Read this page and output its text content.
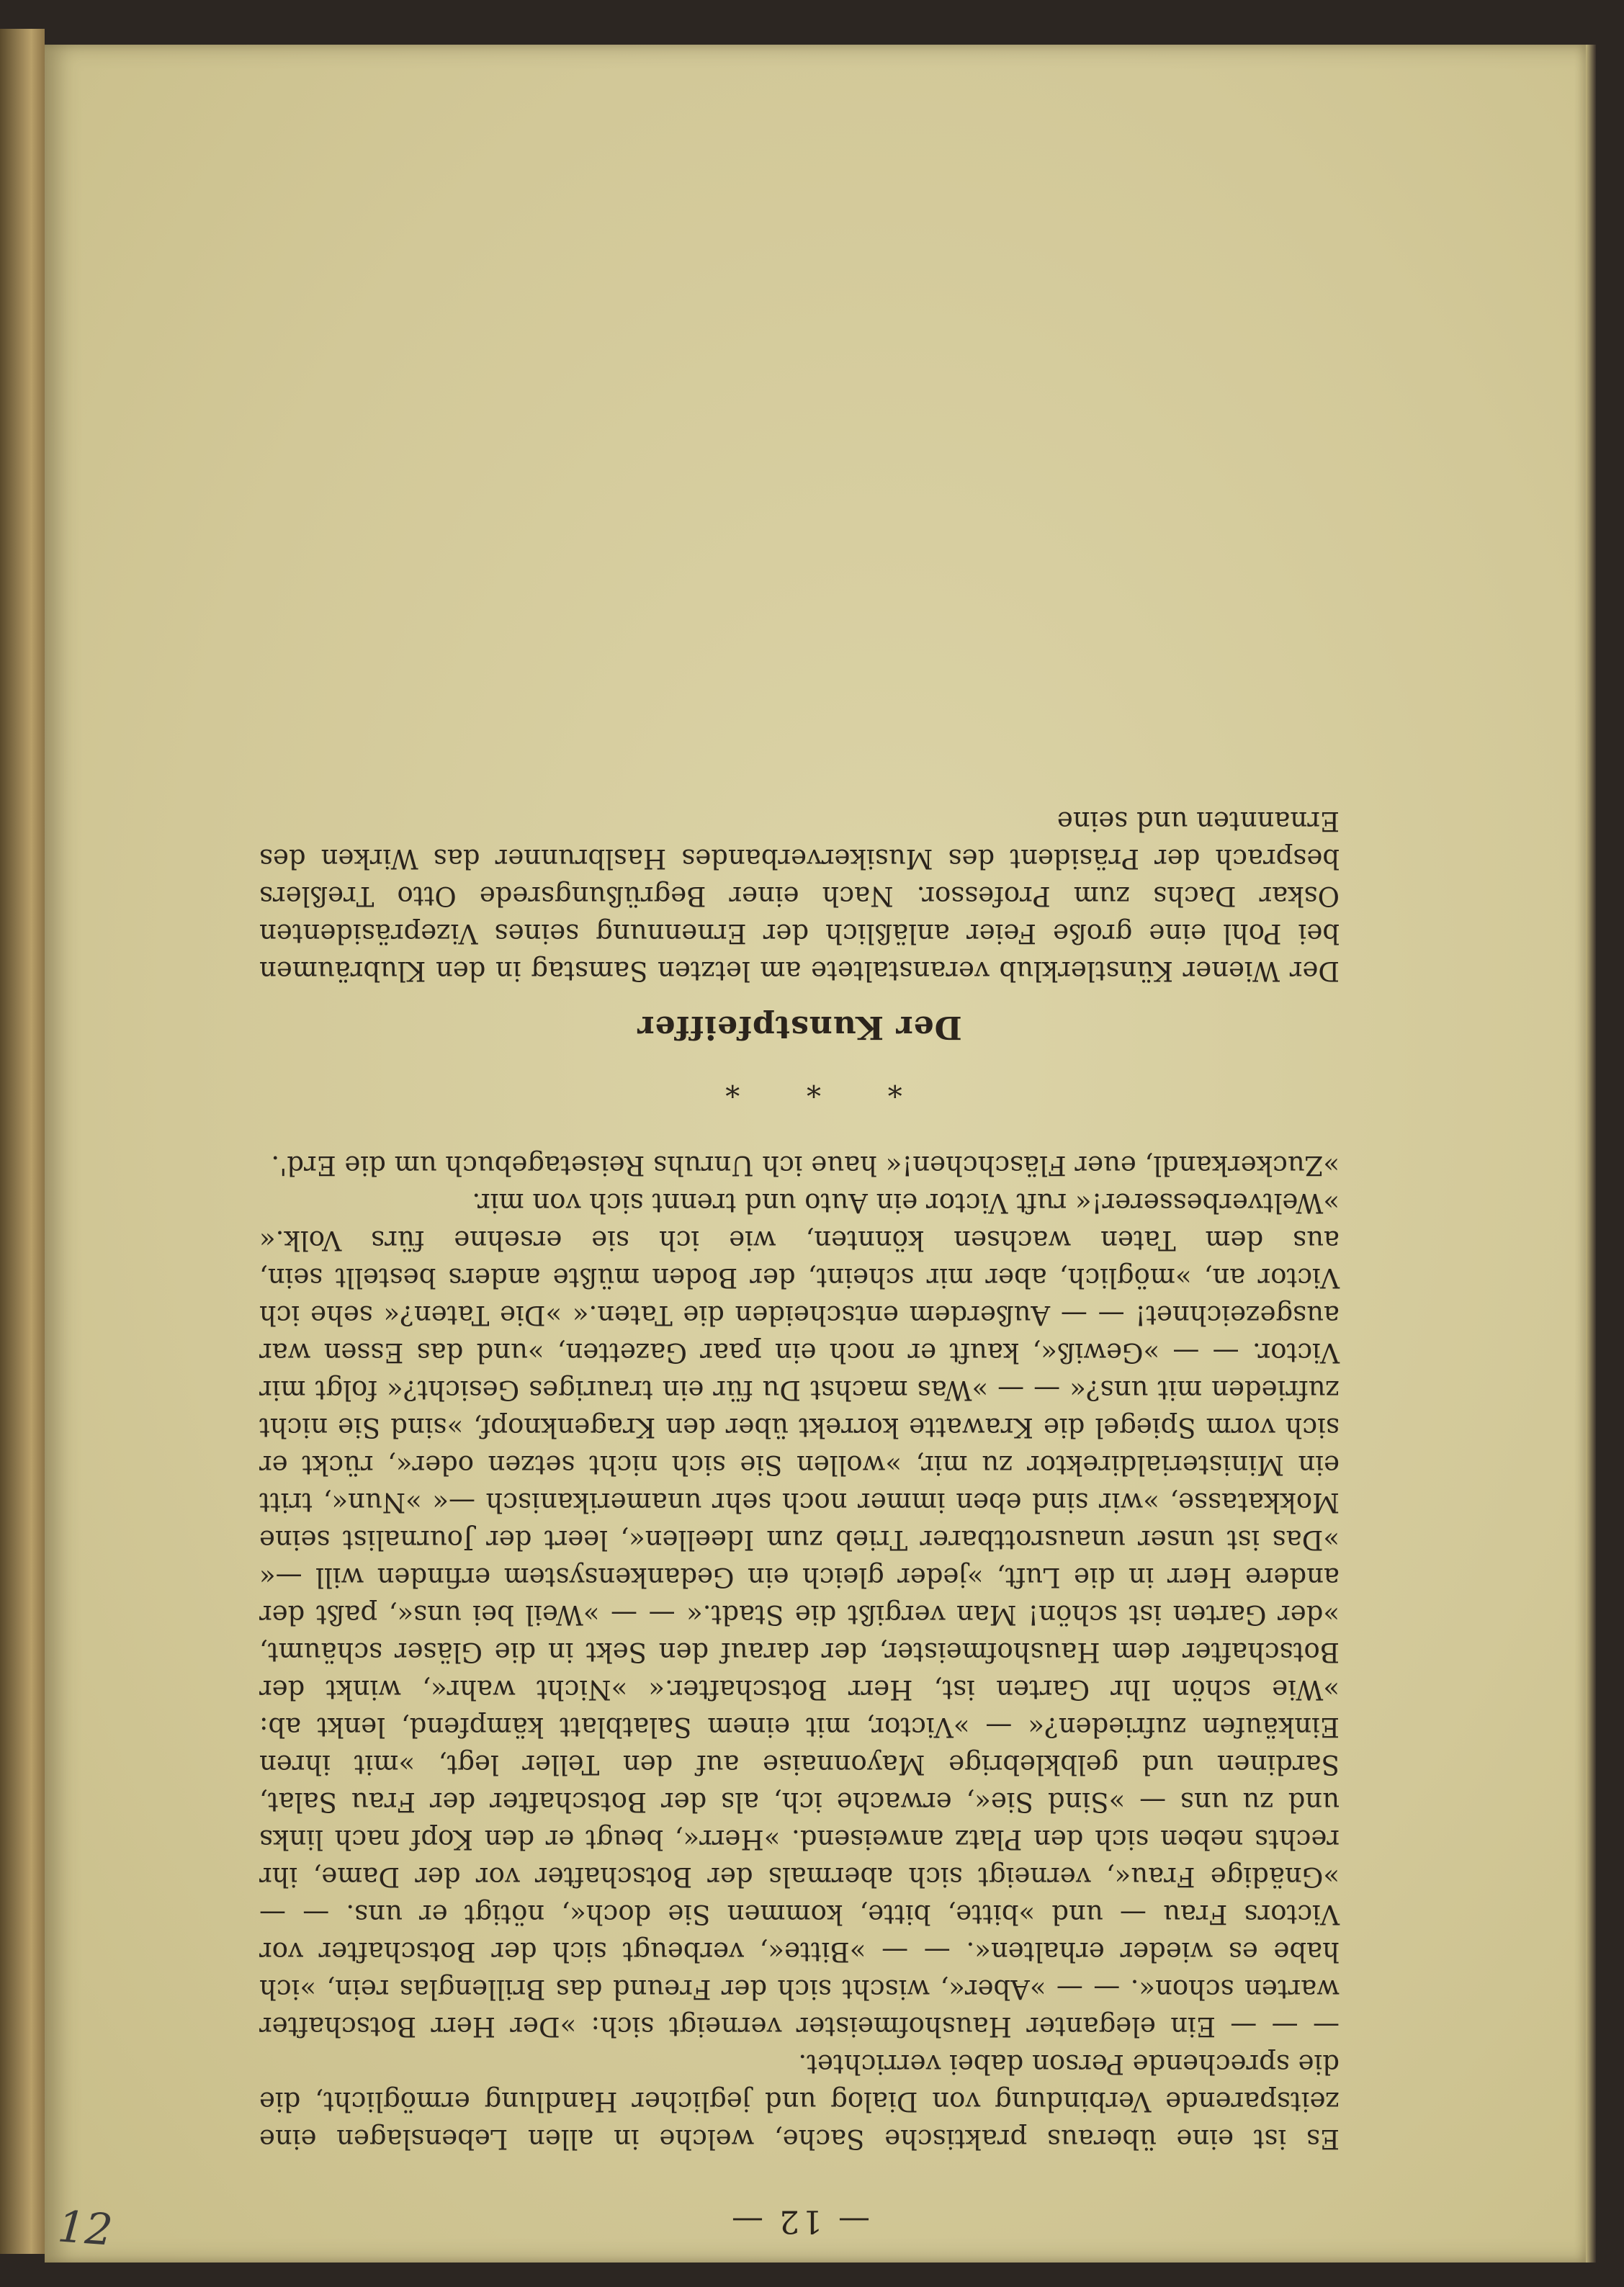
— 12 —

Es ist eine überaus praktische Sache, welche in allen Lebenslagen eine zeitsparende Verbindung von Dialog und jeglicher Handlung ermöglicht, die die sprechende Person dabei verrichtet.

— — — Ein eleganter Haushofmeister verneigt sich: »Der Herr Botschafter warten schon«. — — »Aber«, wischt sich der Freund das Brillenglas rein, »ich habe es wieder erhalten«. — — »Bitte«, verbeugt sich der Botschafter vor Victors Frau — und »bitte, bitte, kommen Sie doch«, nötigt er uns. — — »Gnädige Frau«, verneigt sich abermals der Botschafter vor der Dame, ihr rechts neben sich den Platz anweisend. »Herr«, beugt er den Kopf nach links und zu uns — »Sind Sie«, erwache ich, als der Botschafter der Frau Salat, Sardinen und gelbklebrige Mayonnaise auf den Teller legt, »mit ihren Einkäufen zufrieden?« — »Victor, mit einem Salatblatt kämpfend, lenkt ab: »Wie schön Ihr Garten ist, Herr Botschafter.« »Nicht wahr«, winkt der Botschafter dem Haushofmeister, der darauf den Sekt in die Gläser schäumt, »der Garten ist schön! Man vergißt die Stadt.« — — »Weil bei uns«, paßt der andere Herr in die Luft, »jeder gleich ein Gedankensystem erfinden will —« »Das ist unser unausrottbarer Trieb zum Ideellen«, leert der Journalist seine Mokkatasse, »wir sind eben immer noch sehr unamerikanisch —« »Nun«, tritt ein Ministerialdirektor zu mir, »wollen Sie sich nicht setzen oder«, rückt er sich vorm Spiegel die Krawatte korrekt über den Kragenknopf, »sind Sie nicht zufrieden mit uns?« — — »Was machst Du für ein trauriges Gesicht?« folgt mir Victor. — — »Gewiß«, kauft er noch ein paar Gazetten, »und das Essen war ausgezeichnet! — — Außerdem entscheiden die Taten.« »Die Taten?« sehe ich Victor an, »möglich, aber mir scheint, der Boden müßte anders bestellt sein, aus dem Taten wachsen könnten, wie ich sie ersehne fürs Volk.« »Weltverbesserer!« ruft Victor ein Auto und trennt sich von mir.

»Zuckerkandl, euer Fläschchen!« haue ich Unruhs Reisetagebuch um die Erd'.

* * *
Der Kunstpfeiffer

Der Wiener Künstlerklub veranstaltete am letzten Samstag in den Klubräumen bei Pohl eine große Feier anläßlich der Ernennung seines Vizepräsidenten Oskar Dachs zum Professor. Nach einer Begrüßungsrede Otto Treßlers besprach der Präsident des Musikerverbandes Haslbrunner das Wirken des Ernannten und seine

12
